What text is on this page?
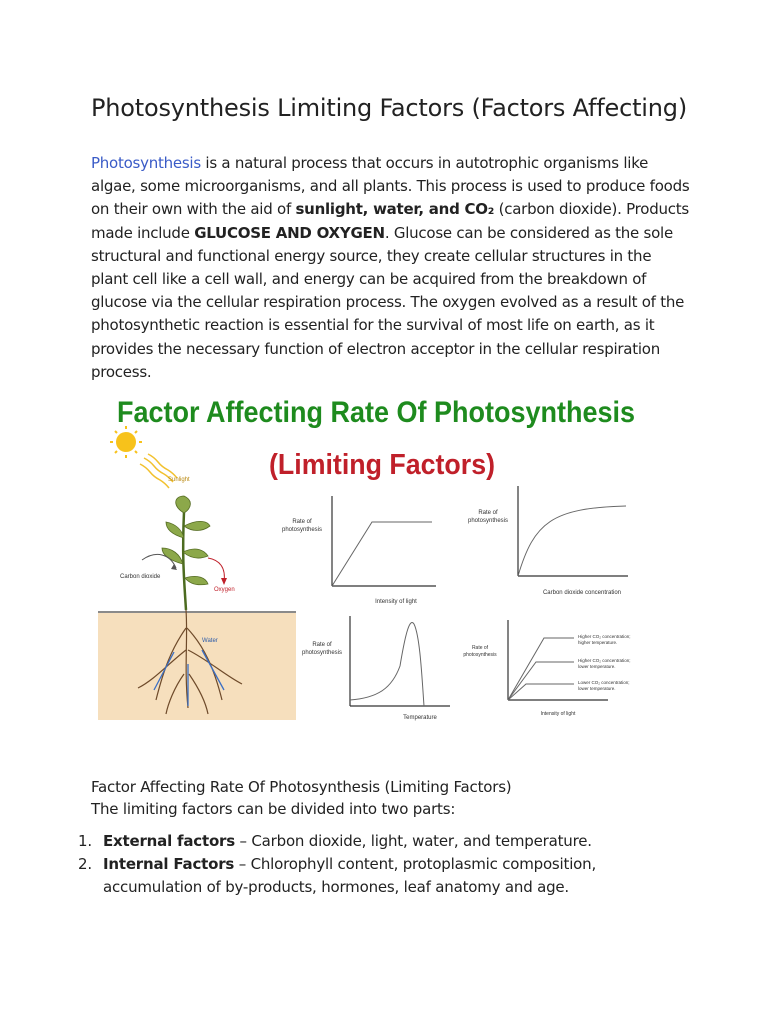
Photosynthesis Limiting Factors (Factors Affecting)

Photosynthesis is a natural process that occurs in autotrophic organisms like algae, some microorganisms, and all plants. This process is used to produce foods on their own with the aid of sunlight, water, and CO₂ (carbon dioxide). Products made include GLUCOSE AND OXYGEN. Glucose can be considered as the sole structural and functional energy source, they create cellular structures in the plant cell like a cell wall, and energy can be acquired from the breakdown of glucose via the cellular respiration process. The oxygen evolved as a result of the photosynthetic reaction is essential for the survival of most life on earth, as it provides the necessary function of electron acceptor in the cellular respiration process.

Factor Affecting Rate Of Photosynthesis
(Limiting Factors)
Sunlight
Carbon dioxide
Oxygen
Water
Rate of
photosynthesis
Intensity of light
Rate of
photosynthesis
Carbon dioxide concentration
Rate of
photosynthesis
Temperature
Rate of
photosynthesis
Higher CO₂ concentration;
higher temperature.
Higher CO₂ concentration;
lower temperature.
Lower CO₂ concentration;
lower temperature.
Intensity of light

Factor Affecting Rate Of Photosynthesis (Limiting Factors)
The limiting factors can be divided into two parts:

1. External factors – Carbon dioxide, light, water, and temperature.
2. Internal Factors – Chlorophyll content, protoplasmic composition, accumulation of by-products, hormones, leaf anatomy and age.
